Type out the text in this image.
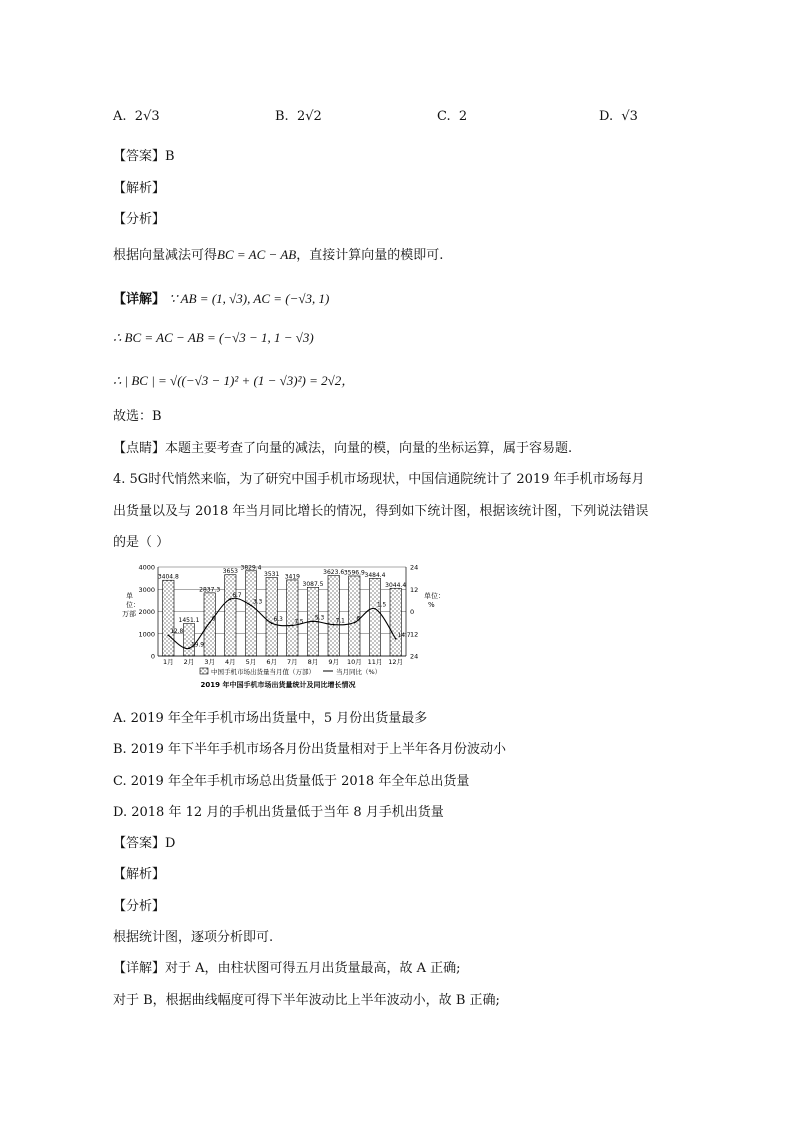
A. 2√3	B. 2√2	C. 2	D. √3
【答案】B
【解析】
【分析】
根据向量减法可得BC = AC − AB，直接计算向量的模即可.
【详解】 ∵ AB = (1, √3), AC = (−√3, 1)
∴ BC = AC − AB = (−√3 − 1, 1 − √3)
∴ | BC | = √((−√3 − 1)² + (1 − √3)²) = 2√2，
故选：B
【点睛】本题主要考查了向量的减法，向量的模，向量的坐标运算，属于容易题.
4. 5G时代悄然来临，为了研究中国手机市场现状，中国信通院统计了 2019 年手机市场每月
出货量以及与 2018 年当月同比增长的情况，得到如下统计图，根据该统计图，下列说法错误
的是（ ）
3404.8
1451.1
2837.3
3653
3829.4
3531 3419
3087.5
3623.6 3596.9 3484.4
3044.4
12.8
19.9
6
6.7
3.3
6.3 7.5
5.3
7.1 6
1.5
14.7
0
1000
2000
3000
4000	24
12
0
12
24
1月 2月 3月 4月 5月 6月 7月 8月 9月 10月 11月 12月
单 位： 万部
单位： %
中国手机市场出货量当月值（万部）	当月同比（%）
2019 年中国手机市场出货量统计及同比增长情况
A. 2019 年全年手机市场出货量中，5 月份出货量最多
B. 2019 年下半年手机市场各月份出货量相对于上半年各月份波动小
C. 2019 年全年手机市场总出货量低于 2018 年全年总出货量
D. 2018 年 12 月的手机出货量低于当年 8 月手机出货量
【答案】D
【解析】
【分析】
根据统计图，逐项分析即可.
【详解】对于 A，由柱状图可得五月出货量最高，故 A 正确;
对于 B，根据曲线幅度可得下半年波动比上半年波动小，故 B 正确;
